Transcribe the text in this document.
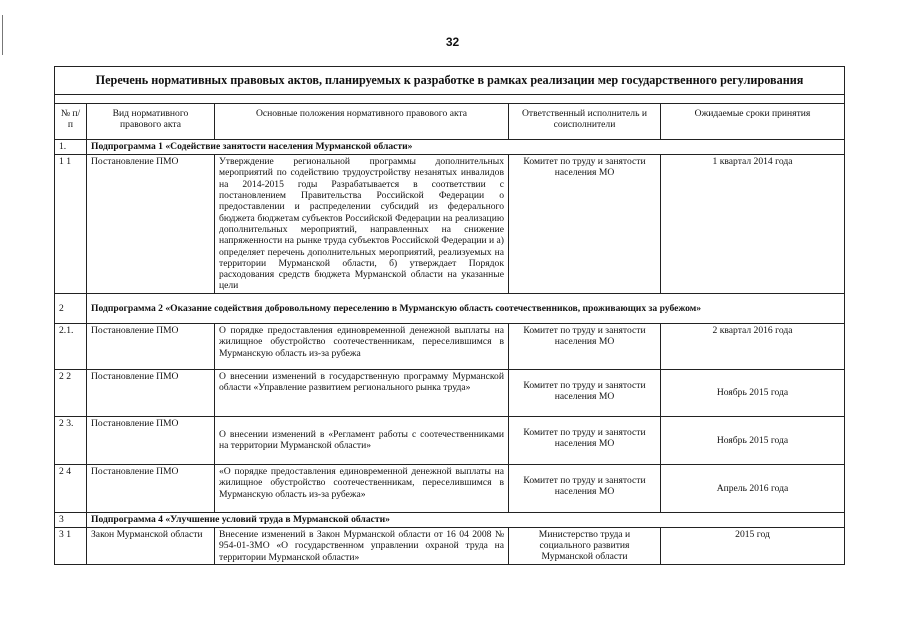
32
Перечень нормативных правовых актов, планируемых к разработке в рамках реализации мер государственного регулирования				

№ п/п	Вид нормативного правового акта	Основные положения нормативного правового акта	Ответственный исполнитель и соисполнители	Ожидаемые сроки принятия
1.	Подпрограмма 1 «Содействие занятости населения Мурманской области»			
1 1	Постановление ПМО	Утверждение региональной программы дополнительных мероприятий по содействию трудоустройству незанятых инвалидов на 2014-2015 годы Разрабатывается в соответствии с постановлением Правительства Российской Федерации о предоставлении и распределении субсидий из федерального бюджета бюджетам субъектов Российской Федерации на реализацию дополнительных мероприятий, направленных на снижение напряженности на рынке труда субъектов Российской Федерации и а) определяет перечень дополнительных мероприятий, реализуемых на территории Мурманской области, б) утверждает Порядок расходования средств бюджета Мурманской области на указанные цели	Комитет по труду и занятости населения МО	1 квартал 2014 года
2	Подпрограмма 2 «Оказание содействия добровольному переселению в Мурманскую область соотечественников, проживающих за рубежом»			
2.1.	Постановление ПМО	О порядке предоставления единовременной денежной выплаты на жилищное обустройство соотечественникам, переселившимся в Мурманскую область из-за рубежа	Комитет по труду и занятости населения МО	2 квартал 2016 года
2 2	Постановление ПМО	О внесении изменений в государственную программу Мурманской области «Управление развитием регионального рынка труда»	Комитет по труду и занятости населения МО	Ноябрь 2015 года
2 3.	Постановление ПМО	О внесении изменений в «Регламент работы с соотечественниками на территории Мурманской области»	Комитет по труду и занятости населения МО	Ноябрь 2015 года
2 4	Постановление ПМО	«О порядке предоставления единовременной денежной выплаты на жилищное обустройство соотечественникам, переселившимся в Мурманскую область из-за рубежа»	Комитет по труду и занятости населения МО	Апрель 2016 года
3	Подпрограмма 4 «Улучшение условий труда в Мурманской области»			
3 1	Закон Мурманской области	Внесение изменений в Закон Мурманской области от 16 04 2008 № 954-01-ЗМО «О государственном управлении охраной труда на территории Мурманской области»	Министерство труда и социального развития Мурманской области	2015 год
